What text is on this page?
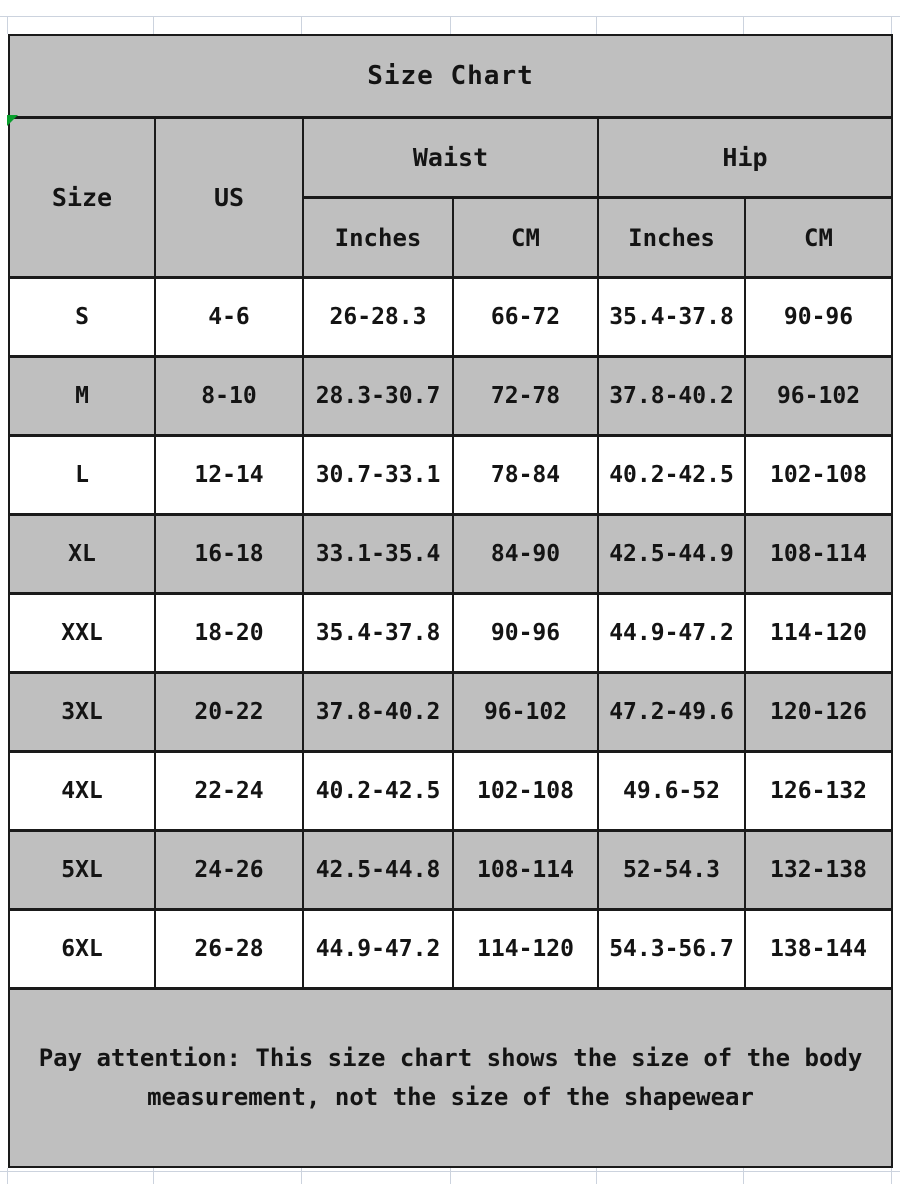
Size Chart
Size	US
Waist	Hip
Inches	CM	Inches	CM
S	4-6	26-28.3	66-72	35.4-37.8	90-96
M	8-10	28.3-30.7	72-78	37.8-40.2	96-102
L	12-14	30.7-33.1	78-84	40.2-42.5	102-108
XL	16-18	33.1-35.4	84-90	42.5-44.9	108-114
XXL	18-20	35.4-37.8	90-96	44.9-47.2	114-120
3XL	20-22	37.8-40.2	96-102	47.2-49.6	120-126
4XL	22-24	40.2-42.5	102-108	49.6-52	126-132
5XL	24-26	42.5-44.8	108-114	52-54.3	132-138
6XL	26-28	44.9-47.2	114-120	54.3-56.7	138-144
Pay attention: This size chart shows the size of the body
measurement, not the size of the shapewear
